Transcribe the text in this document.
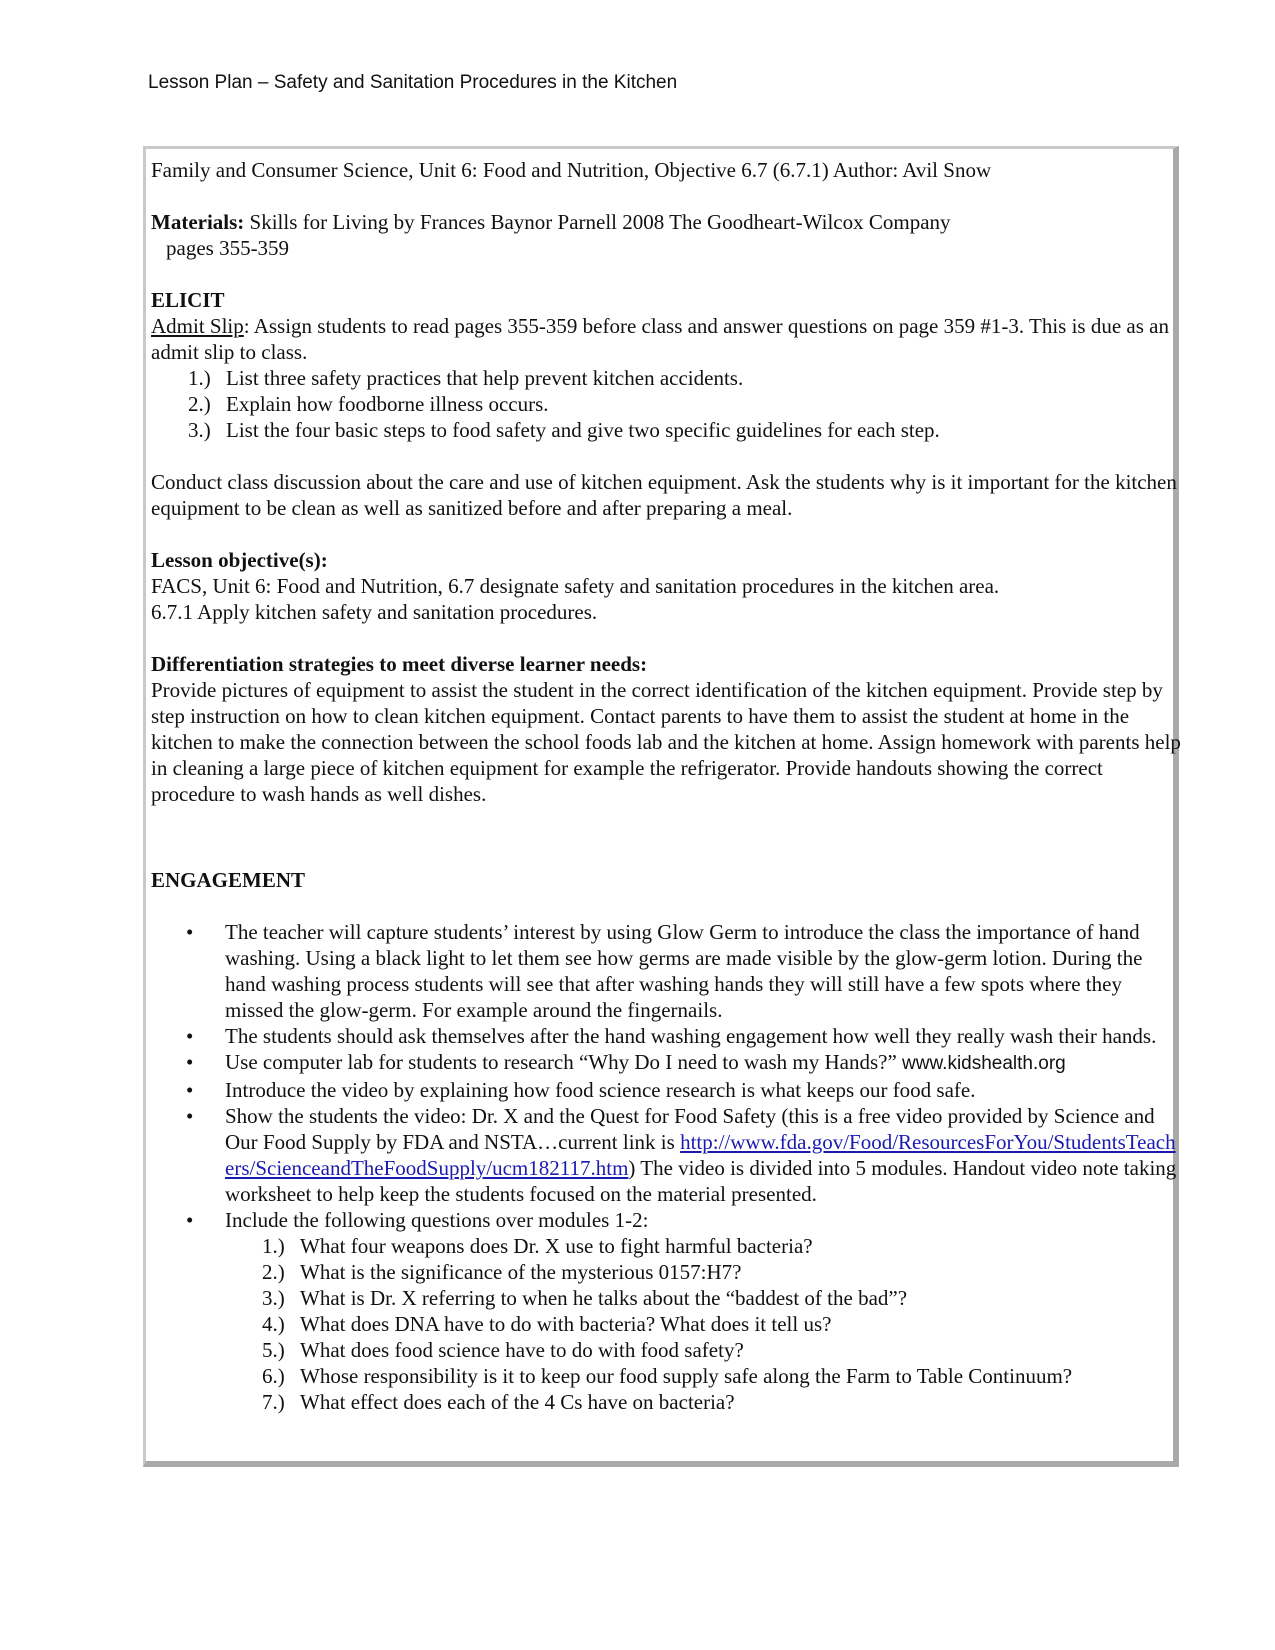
Lesson Plan – Safety and Sanitation Procedures in the Kitchen

Family and Consumer Science, Unit 6: Food and Nutrition, Objective 6.7 (6.7.1) Author: Avil Snow

Materials: Skills for Living by Frances Baynor Parnell 2008 The Goodheart-Wilcox Company

pages 355-359

ELICIT

Admit Slip: Assign students to read pages 355-359 before class and answer questions on page 359 #1-3. This is due as an admit slip to class.

1.) List three safety practices that help prevent kitchen accidents.

2.) Explain how foodborne illness occurs.

3.) List the four basic steps to food safety and give two specific guidelines for each step.

Conduct class discussion about the care and use of kitchen equipment. Ask the students why is it important for the kitchen equipment to be clean as well as sanitized before and after preparing a meal.

Lesson objective(s):

FACS, Unit 6: Food and Nutrition, 6.7 designate safety and sanitation procedures in the kitchen area.

6.7.1 Apply kitchen safety and sanitation procedures.

Differentiation strategies to meet diverse learner needs:

Provide pictures of equipment to assist the student in the correct identification of the kitchen equipment. Provide step by step instruction on how to clean kitchen equipment. Contact parents to have them to assist the student at home in the kitchen to make the connection between the school foods lab and the kitchen at home. Assign homework with parents help in cleaning a large piece of kitchen equipment for example the refrigerator. Provide handouts showing the correct procedure to wash hands as well dishes.

ENGAGEMENT

• The teacher will capture students’ interest by using Glow Germ to introduce the class the importance of hand washing. Using a black light to let them see how germs are made visible by the glow-germ lotion. During the hand washing process students will see that after washing hands they will still have a few spots where they missed the glow-germ. For example around the fingernails.
• The students should ask themselves after the hand washing engagement how well they really wash their hands.
• Use computer lab for students to research “Why Do I need to wash my Hands?” www.kidshealth.org
• Introduce the video by explaining how food science research is what keeps our food safe.
• Show the students the video: Dr. X and the Quest for Food Safety (this is a free video provided by Science and Our Food Supply by FDA and NSTA…current link is http://www.fda.gov/Food/ResourcesForYou/StudentsTeachers/ScienceandTheFoodSupply/ucm182117.htm) The video is divided into 5 modules. Handout video note taking worksheet to help keep the students focused on the material presented.
• Include the following questions over modules 1-2:

1.) What four weapons does Dr. X use to fight harmful bacteria?

2.) What is the significance of the mysterious 0157:H7?

3.) What is Dr. X referring to when he talks about the “baddest of the bad”?

4.) What does DNA have to do with bacteria? What does it tell us?

5.) What does food science have to do with food safety?

6.) Whose responsibility is it to keep our food supply safe along the Farm to Table Continuum?

7.) What effect does each of the 4 Cs have on bacteria?
